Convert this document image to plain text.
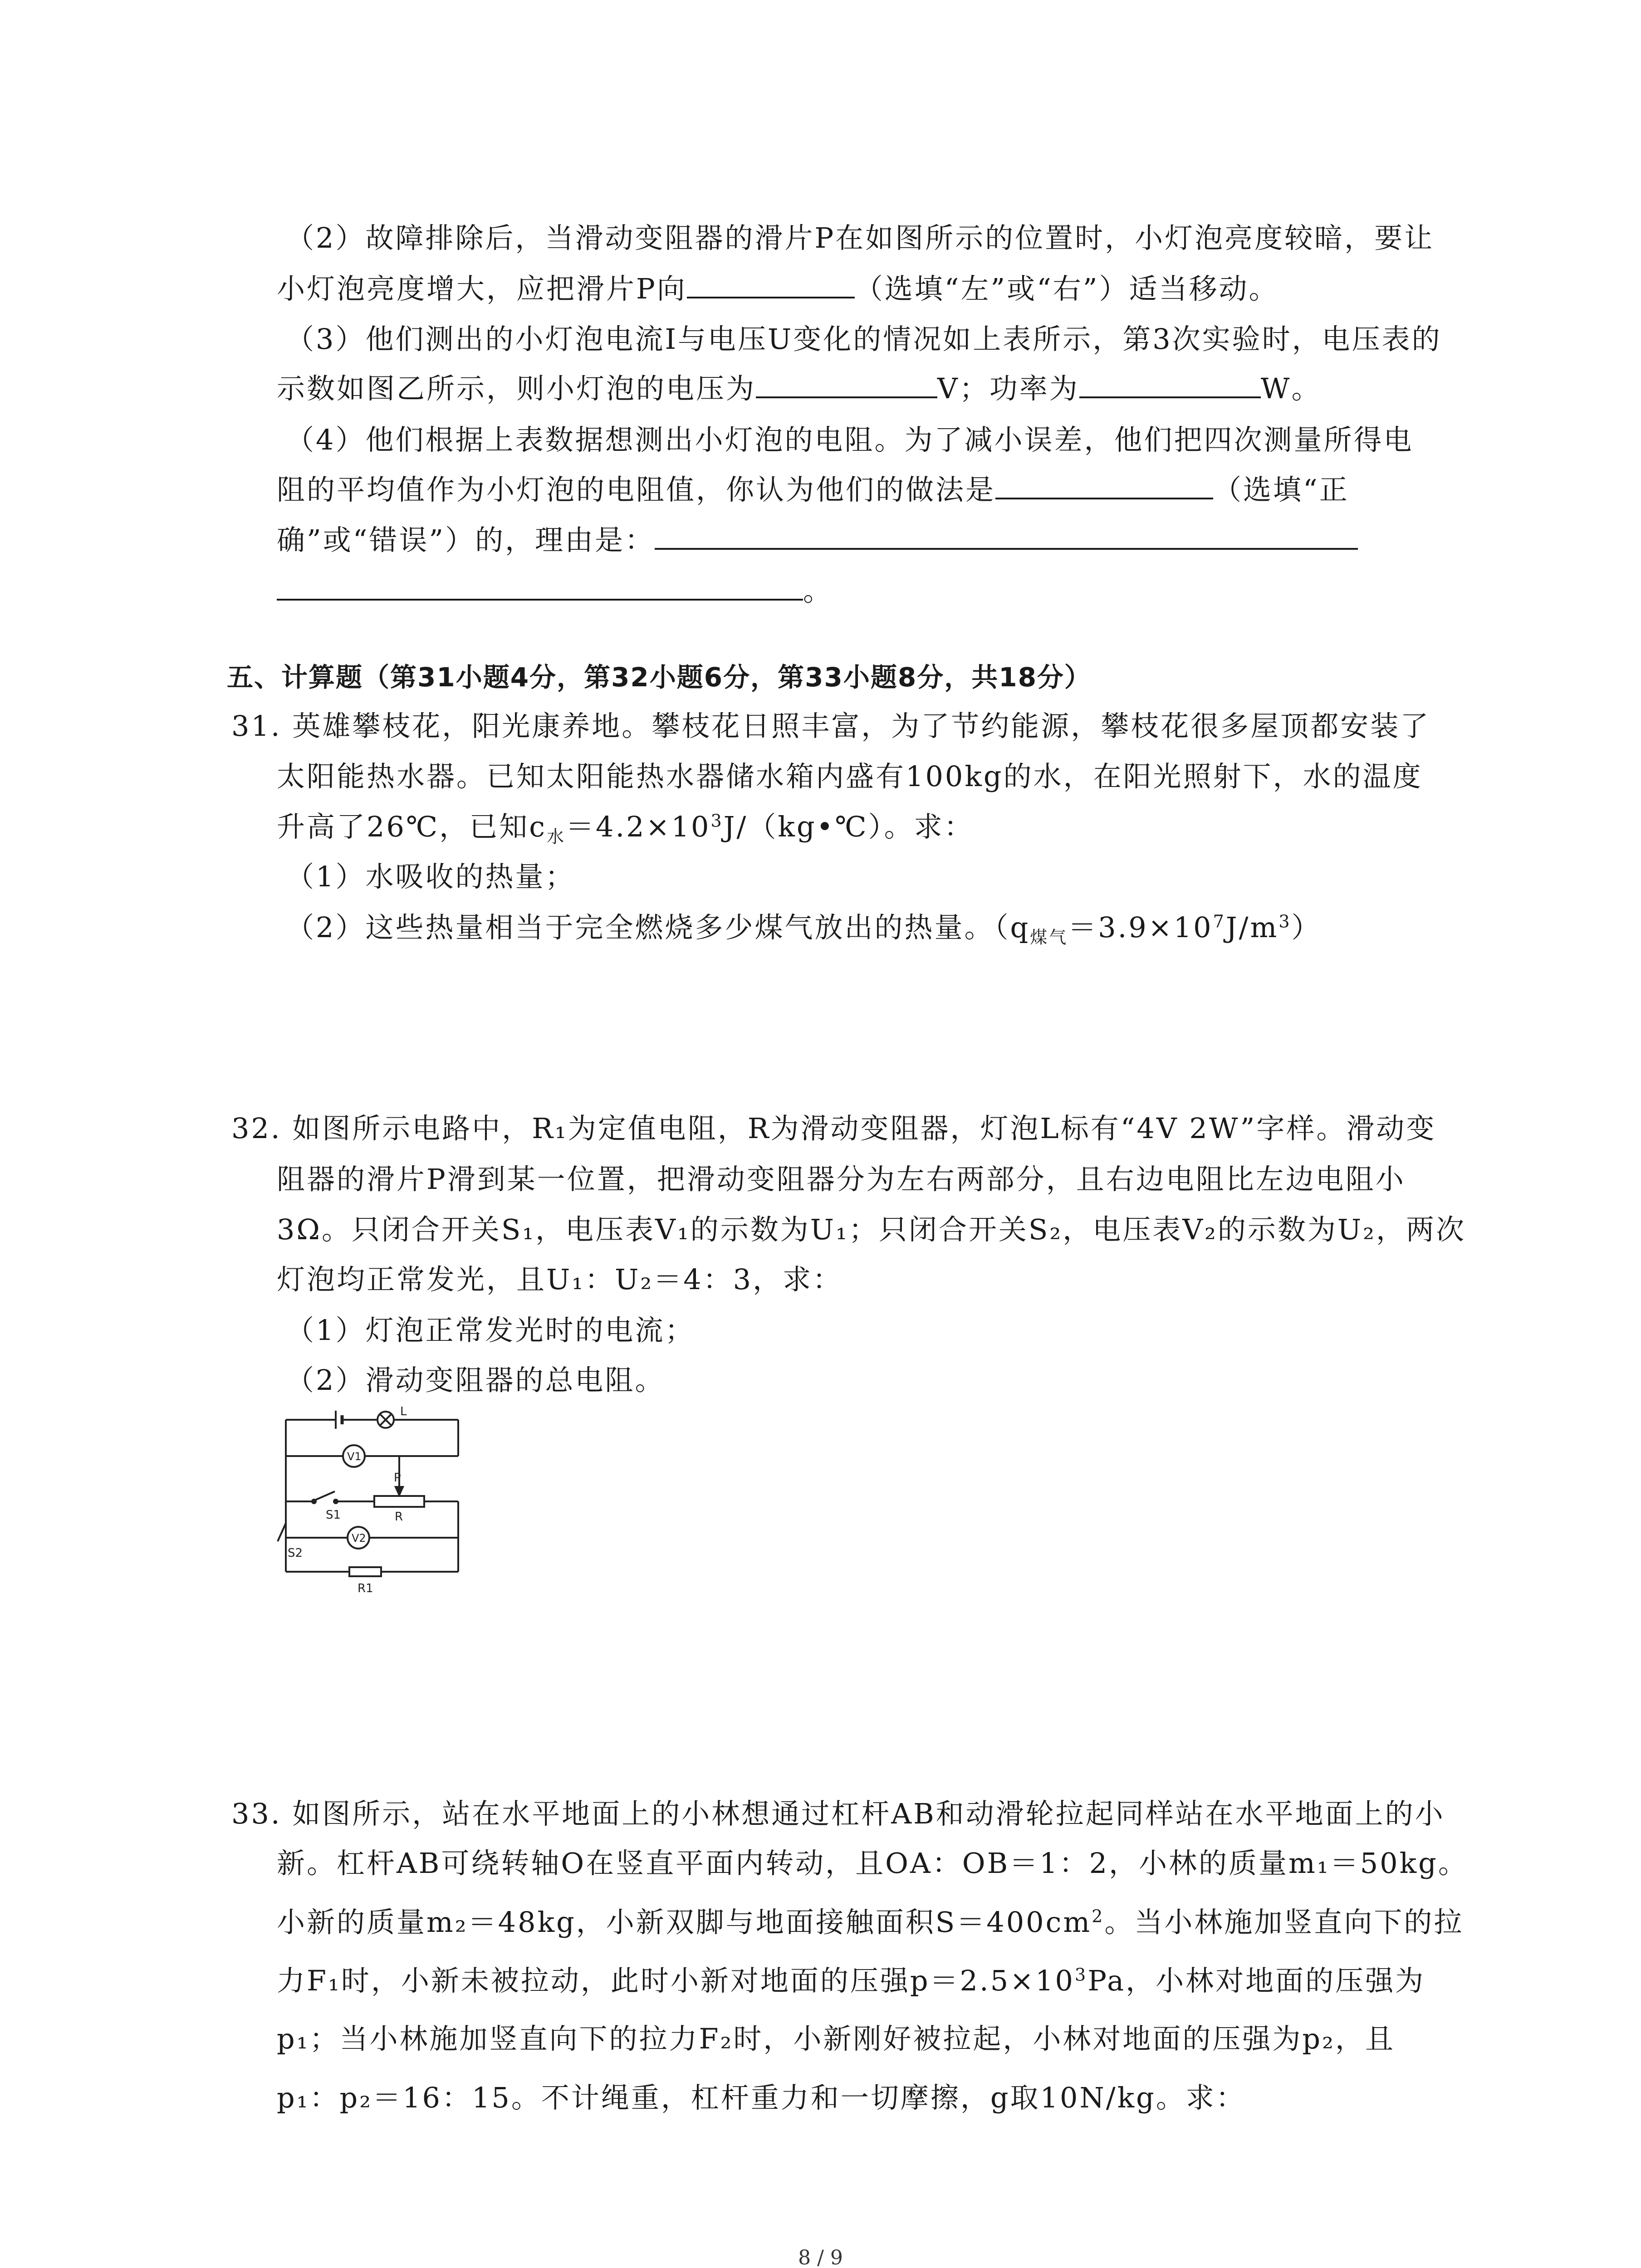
（2）故障排除后，当滑动变阻器的滑片P在如图所示的位置时，小灯泡亮度较暗，要让
小灯泡亮度增大，应把滑片P向	（选填“左”或“右”）适当移动。
（3）他们测出的小灯泡电流I与电压U变化的情况如上表所示，第3次实验时，电压表的
示数如图乙所示，则小灯泡的电压为	V；功率为	W。
（4）他们根据上表数据想测出小灯泡的电阻。为了减小误差，他们把四次测量所得电
阻的平均值作为小灯泡的电阻值，你认为他们的做法是	（选填“正
确”或“错误”）的，理由是：
。
五、计算题（第31小题4分，第32小题6分，第33小题8分，共18分）
31. 英雄攀枝花，阳光康养地。攀枝花日照丰富，为了节约能源，攀枝花很多屋顶都安装了
太阳能热水器。已知太阳能热水器储水箱内盛有100kg的水，在阳光照射下，水的温度
升高了26℃，已知$c_水=4.2\times 10^3J/(kg•℃)$。求：
（1）水吸收的热量；
（2）这些热量相当于完全燃烧多少煤气放出的热量。$(q_{煤气}=3.9\times 10^7J/m^3)$
32. 如图所示电路中，R₁为定值电阻，R为滑动变阻器，灯泡L标有“4V 2W”字样。滑动变
阻器的滑片P滑到某一位置，把滑动变阻器分为左右两部分，且右边电阻比左边电阻小
3Ω。只闭合开关S₁，电压表V₁的示数为U₁；只闭合开关S₂，电压表V₂的示数为U₂，两次
灯泡均正常发光，且U₁：U₂＝4：3，求：
（1）灯泡正常发光时的电流；
（2）滑动变阻器的总电阻。
L
V1
P
R
S1
S2
V2
R1
33. 如图所示，站在水平地面上的小林想通过杠杆AB和动滑轮拉起同样站在水平地面上的小
新。杠杆AB可绕转轴O在竖直平面内转动，且OA：OB＝1：2，小林的质量m₁＝50kg。
小新的质量m₂＝48kg，小新双脚与地面接触面积$S=400cm^2$。当小林施加竖直向下的拉
力F₁时，小新未被拉动，此时小新对地面的压强$p=2.5\times 10^3Pa$，小林对地面的压强为
p₁；当小林施加竖直向下的拉力F₂时，小新刚好被拉起，小林对地面的压强为p₂，且
p₁：p₂＝16：15。不计绳重，杠杆重力和一切摩擦，g取10N/kg。求：
8 / 9
